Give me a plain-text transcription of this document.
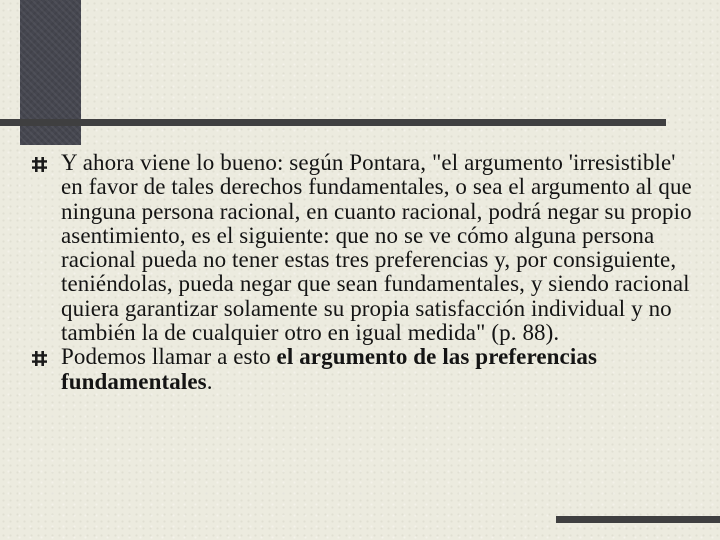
Y ahora viene lo bueno: según Pontara, "el argumento 'irresistible' en favor de tales derechos fundamentales, o sea el argumento al que ninguna persona racional, en cuanto racional, podrá negar su propio asentimiento, es el siguiente: que no se ve cómo alguna persona racional pueda no tener estas tres preferencias y, por consiguiente, teniéndolas, pueda negar que sean fundamentales, y siendo racional quiera garantizar solamente su propia satisfacción individual y no también la de cualquier otro en igual medida" (p. 88).
Podemos llamar a esto el argumento de las preferencias fundamentales.
